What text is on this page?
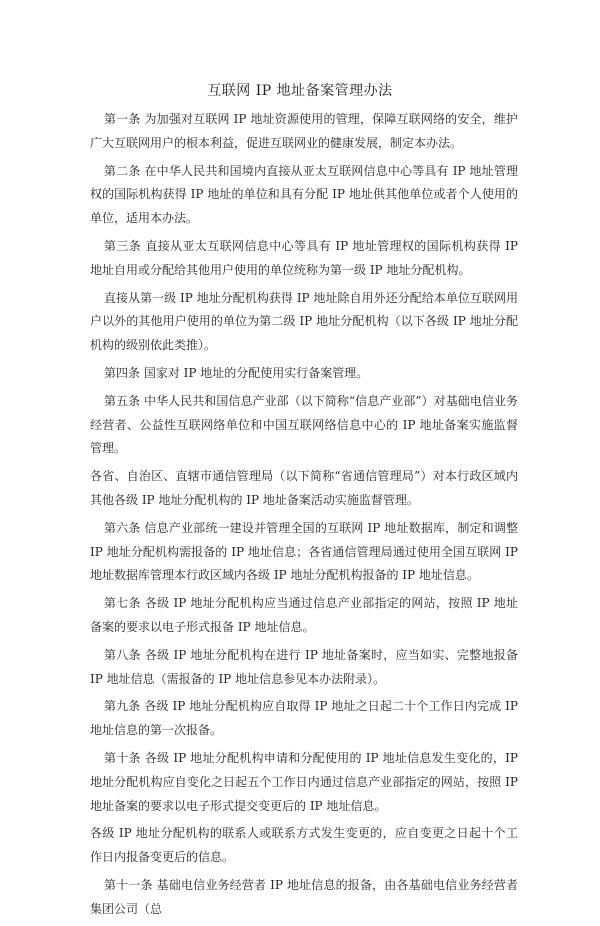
互联网 IP 地址备案管理办法

第一条 为加强对互联网 IP 地址资源使用的管理，保障互联网络的安全，维护广大互联网用户的根本利益，促进互联网业的健康发展，制定本办法。

第二条 在中华人民共和国境内直接从亚太互联网信息中心等具有 IP 地址管理权的国际机构获得 IP 地址的单位和具有分配 IP 地址供其他单位或者个人使用的单位，适用本办法。

第三条 直接从亚太互联网信息中心等具有 IP 地址管理权的国际机构获得 IP 地址自用或分配给其他用户使用的单位统称为第一级 IP 地址分配机构。

直接从第一级 IP 地址分配机构获得 IP 地址除自用外还分配给本单位互联网用户以外的其他用户使用的单位为第二级 IP 地址分配机构（以下各级 IP 地址分配机构的级别依此类推）。

第四条 国家对 IP 地址的分配使用实行备案管理。

第五条 中华人民共和国信息产业部（以下简称“信息产业部”）对基础电信业务经营者、公益性互联网络单位和中国互联网络信息中心的 IP 地址备案实施监督管理。

各省、自治区、直辖市通信管理局（以下简称“省通信管理局”）对本行政区域内其他各级 IP 地址分配机构的 IP 地址备案活动实施监督管理。

第六条 信息产业部统一建设并管理全国的互联网 IP 地址数据库，制定和调整 IP 地址分配机构需报备的 IP 地址信息；各省通信管理局通过使用全国互联网 IP 地址数据库管理本行政区域内各级 IP 地址分配机构报备的 IP 地址信息。

第七条 各级 IP 地址分配机构应当通过信息产业部指定的网站，按照 IP 地址备案的要求以电子形式报备 IP 地址信息。

第八条 各级 IP 地址分配机构在进行 IP 地址备案时，应当如实、完整地报备 IP 地址信息（需报备的 IP 地址信息参见本办法附录）。

第九条 各级 IP 地址分配机构应自取得 IP 地址之日起二十个工作日内完成 IP 地址信息的第一次报备。

第十条 各级 IP 地址分配机构申请和分配使用的 IP 地址信息发生变化的，IP 地址分配机构应自变化之日起五个工作日内通过信息产业部指定的网站，按照 IP 地址备案的要求以电子形式提交变更后的 IP 地址信息。

各级 IP 地址分配机构的联系人或联系方式发生变更的，应自变更之日起十个工作日内报备变更后的信息。

第十一条 基础电信业务经营者 IP 地址信息的报备，由各基础电信业务经营者集团公司（总
